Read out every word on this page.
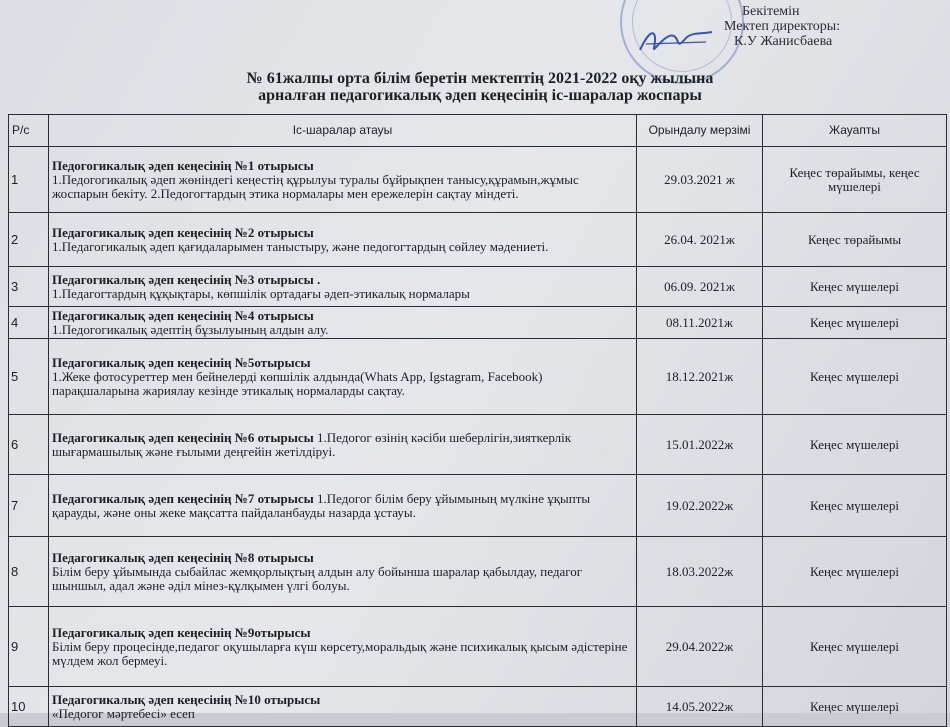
Бекітемін
Мектеп директоры:
К.У Жанисбаева
№ 61жалпы орта білім беретін мектептің 2021-2022 оқу жылына
арналған педагогикалық әдеп кеңесінің іс-шаралар жоспары
Р/с	Іс-шаралар атауы	Орындалу мерзімі	Жауапты
1	Педогогикалық әдеп кеңесінің №1 отырысы
1.Педогогикалық әдеп жөніндегі кеңестің құрылуы туралы бұйрықпен танысу,құрамын,жұмыс жоспарын бекіту. 2.Педогогтардың этика нормалары мен ережелерін сақтау міндеті.	29.03.2021 ж	Кеңес төрайымы, кеңес мүшелері
2	Педагогикалық әдеп кеңесінің №2 отырысы
1.Педагогикалық әдеп қағидаларымен таныстыру, және педогогтардың сөйлеу мәдениеті.	26.04. 2021ж	Кеңес төрайымы
3	Педагогикалық әдеп кеңесінің №3 отырысы .
1.Педагогтардың құқықтары, көпшілік ортадағы әдеп-этикалық нормалары	06.09. 2021ж	Кеңес мүшелері
4	Педагогикалық әдеп кеңесінің №4 отырысы
1.Педогогикалық әдептің бұзылуының алдын алу.	08.11.2021ж	Кеңес мүшелері
5	Педагогикалық әдеп кеңесінің №5отырысы
1.Жеке фотосуреттер мен бейнелерді көпшілік алдында(Whats App, Igstagram, Facebook) парақшаларына жариялау кезінде этикалық нормаларды сақтау.	18.12.2021ж	Кеңес мүшелері
6	Педагогикалық әдеп кеңесінің №6 отырысы 1.Педогог өзінің кәсіби шеберлігін,зияткерлік шығармашылық және ғылыми деңгейін жетілдіруі.	15.01.2022ж	Кеңес мүшелері
7	Педагогикалық әдеп кеңесінің №7 отырысы 1.Педогог білім беру ұйымының мүлкіне ұқыпты қарауды, және оны жеке мақсатта пайдаланбауды назарда ұстауы.	19.02.2022ж	Кеңес мүшелері
8	Педагогикалық әдеп кеңесінің №8 отырысы
Білім беру ұйымында сыбайлас жемқорлықтың алдын алу бойынша шаралар қабылдау, педагог шыншыл, адал және әділ мінез-құлқымен үлгі болуы.	18.03.2022ж	Кеңес мүшелері
9	Педагогикалық әдеп кеңесінің №9отырысы
Білім беру процесінде,педагог оқушыларға күш көрсету,моральдық және психикалық қысым әдістеріне мүлдем жол бермеуі.	29.04.2022ж	Кеңес мүшелері
10	Педагогикалық әдеп кеңесінің №10 отырысы
«Педогог мәртебесі» есеп	14.05.2022ж	Кеңес мүшелері
